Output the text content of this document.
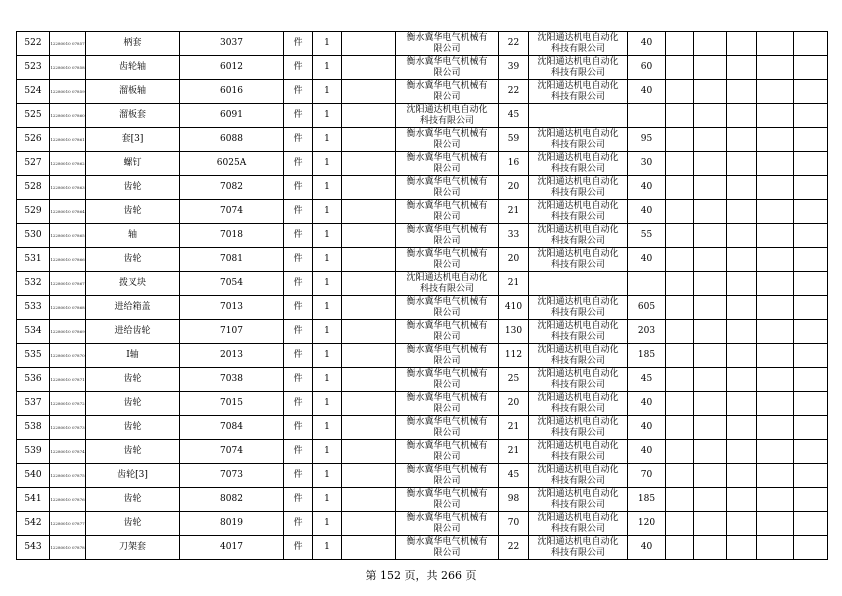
522	12280010 07857	柄套	3037	件	1		衡水冀华电气机械有
限公司	22	沈阳通达机电自动化
科技有限公司	40					
523	12280010 07858	齿轮轴	6012	件	1		衡水冀华电气机械有
限公司	39	沈阳通达机电自动化
科技有限公司	60					
524	12280010 07859	溜板轴	6016	件	1		衡水冀华电气机械有
限公司	22	沈阳通达机电自动化
科技有限公司	40					
525	12280010 07860	溜板套	6091	件	1		沈阳通达机电自动化
科技有限公司	45	

526	12280010 07861	套[3]	6088	件	1		衡水冀华电气机械有
限公司	59	沈阳通达机电自动化
科技有限公司	95					
527	12280010 07862	螺钉	6025A	件	1		衡水冀华电气机械有
限公司	16	沈阳通达机电自动化
科技有限公司	30					
528	12280010 07863	齿轮	7082	件	1		衡水冀华电气机械有
限公司	20	沈阳通达机电自动化
科技有限公司	40					
529	12280010 07864	齿轮	7074	件	1		衡水冀华电气机械有
限公司	21	沈阳通达机电自动化
科技有限公司	40					
530	12280010 07865	轴	7018	件	1		衡水冀华电气机械有
限公司	33	沈阳通达机电自动化
科技有限公司	55					
531	12280010 07866	齿轮	7081	件	1		衡水冀华电气机械有
限公司	20	沈阳通达机电自动化
科技有限公司	40					
532	12280010 07867	拨叉块	7054	件	1		沈阳通达机电自动化
科技有限公司	21	

533	12280010 07868	进给箱盖	7013	件	1		衡水冀华电气机械有
限公司	410	沈阳通达机电自动化
科技有限公司	605					
534	12280010 07869	进给齿轮	7107	件	1		衡水冀华电气机械有
限公司	130	沈阳通达机电自动化
科技有限公司	203					
535	12280010 07870	Ⅰ轴	2013	件	1		衡水冀华电气机械有
限公司	112	沈阳通达机电自动化
科技有限公司	185					
536	12280010 07871	齿轮	7038	件	1		衡水冀华电气机械有
限公司	25	沈阳通达机电自动化
科技有限公司	45					
537	12280010 07872	齿轮	7015	件	1		衡水冀华电气机械有
限公司	20	沈阳通达机电自动化
科技有限公司	40					
538	12280010 07873	齿轮	7084	件	1		衡水冀华电气机械有
限公司	21	沈阳通达机电自动化
科技有限公司	40					
539	12280010 07874	齿轮	7074	件	1		衡水冀华电气机械有
限公司	21	沈阳通达机电自动化
科技有限公司	40					
540	12280010 07875	齿轮[3]	7073	件	1		衡水冀华电气机械有
限公司	45	沈阳通达机电自动化
科技有限公司	70					
541	12280010 07876	齿轮	8082	件	1		衡水冀华电气机械有
限公司	98	沈阳通达机电自动化
科技有限公司	185					
542	12280010 07877	齿轮	8019	件	1		衡水冀华电气机械有
限公司	70	沈阳通达机电自动化
科技有限公司	120					
543	12280010 07878	刀架套	4017	件	1		衡水冀华电气机械有
限公司	22	沈阳通达机电自动化
科技有限公司	40					
第 152 页，共 266 页
